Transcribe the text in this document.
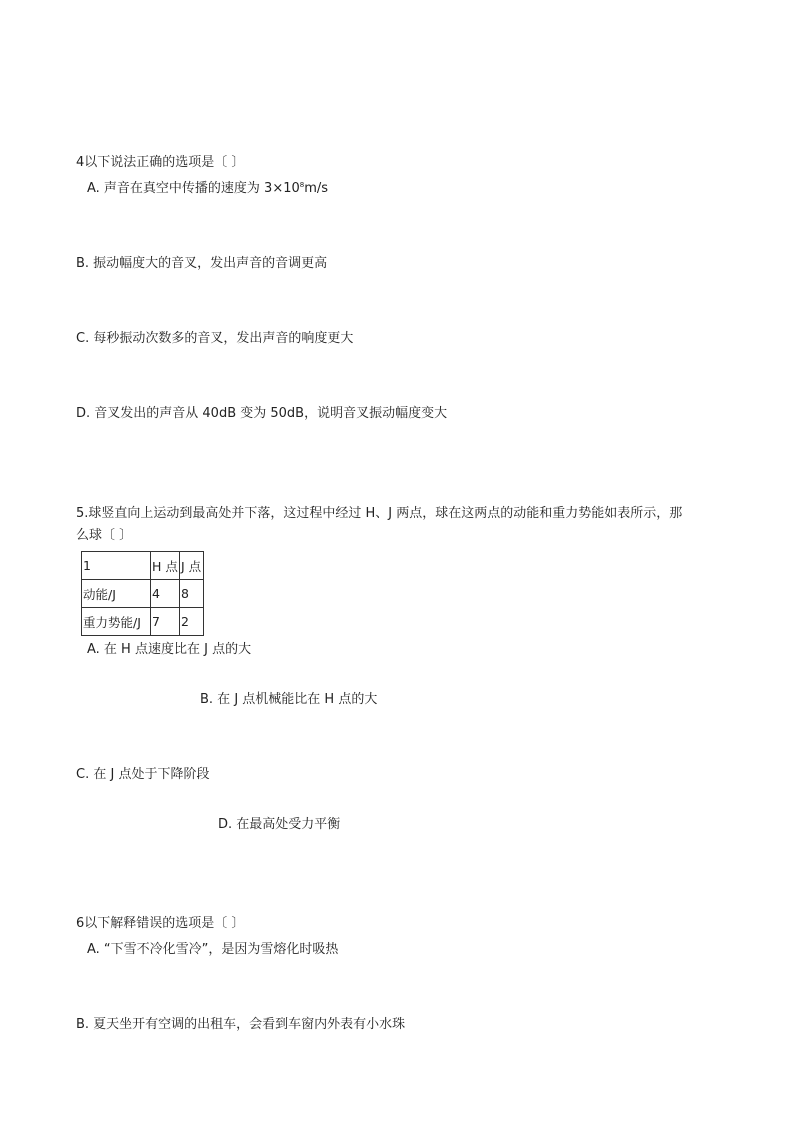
4以下说法正确的选项是〔 〕
A. 声音在真空中传播的速度为 $3\times 10^8m/s$
B. 振动幅度大的音叉，发出声音的音调更高
C. 每秒振动次数多的音叉，发出声音的响度更大
D. 音叉发出的声音从 40dB 变为 50dB，说明音叉振动幅度变大
5.球竖直向上运动到最高处并下落，这过程中经过 H、J 两点，球在这两点的动能和重力势能如表所示，那
么球〔 〕
1	H 点	J 点
动能/J	4	8
重力势能/J	7	2
A. 在 H 点速度比在 J 点的大
B. 在 J 点机械能比在 H 点的大
C. 在 J 点处于下降阶段
D. 在最高处受力平衡
6以下解释错误的选项是〔 〕
A. “下雪不冷化雪冷”，是因为雪熔化时吸热
B. 夏天坐开有空调的出租车，会看到车窗内外表有小水珠
